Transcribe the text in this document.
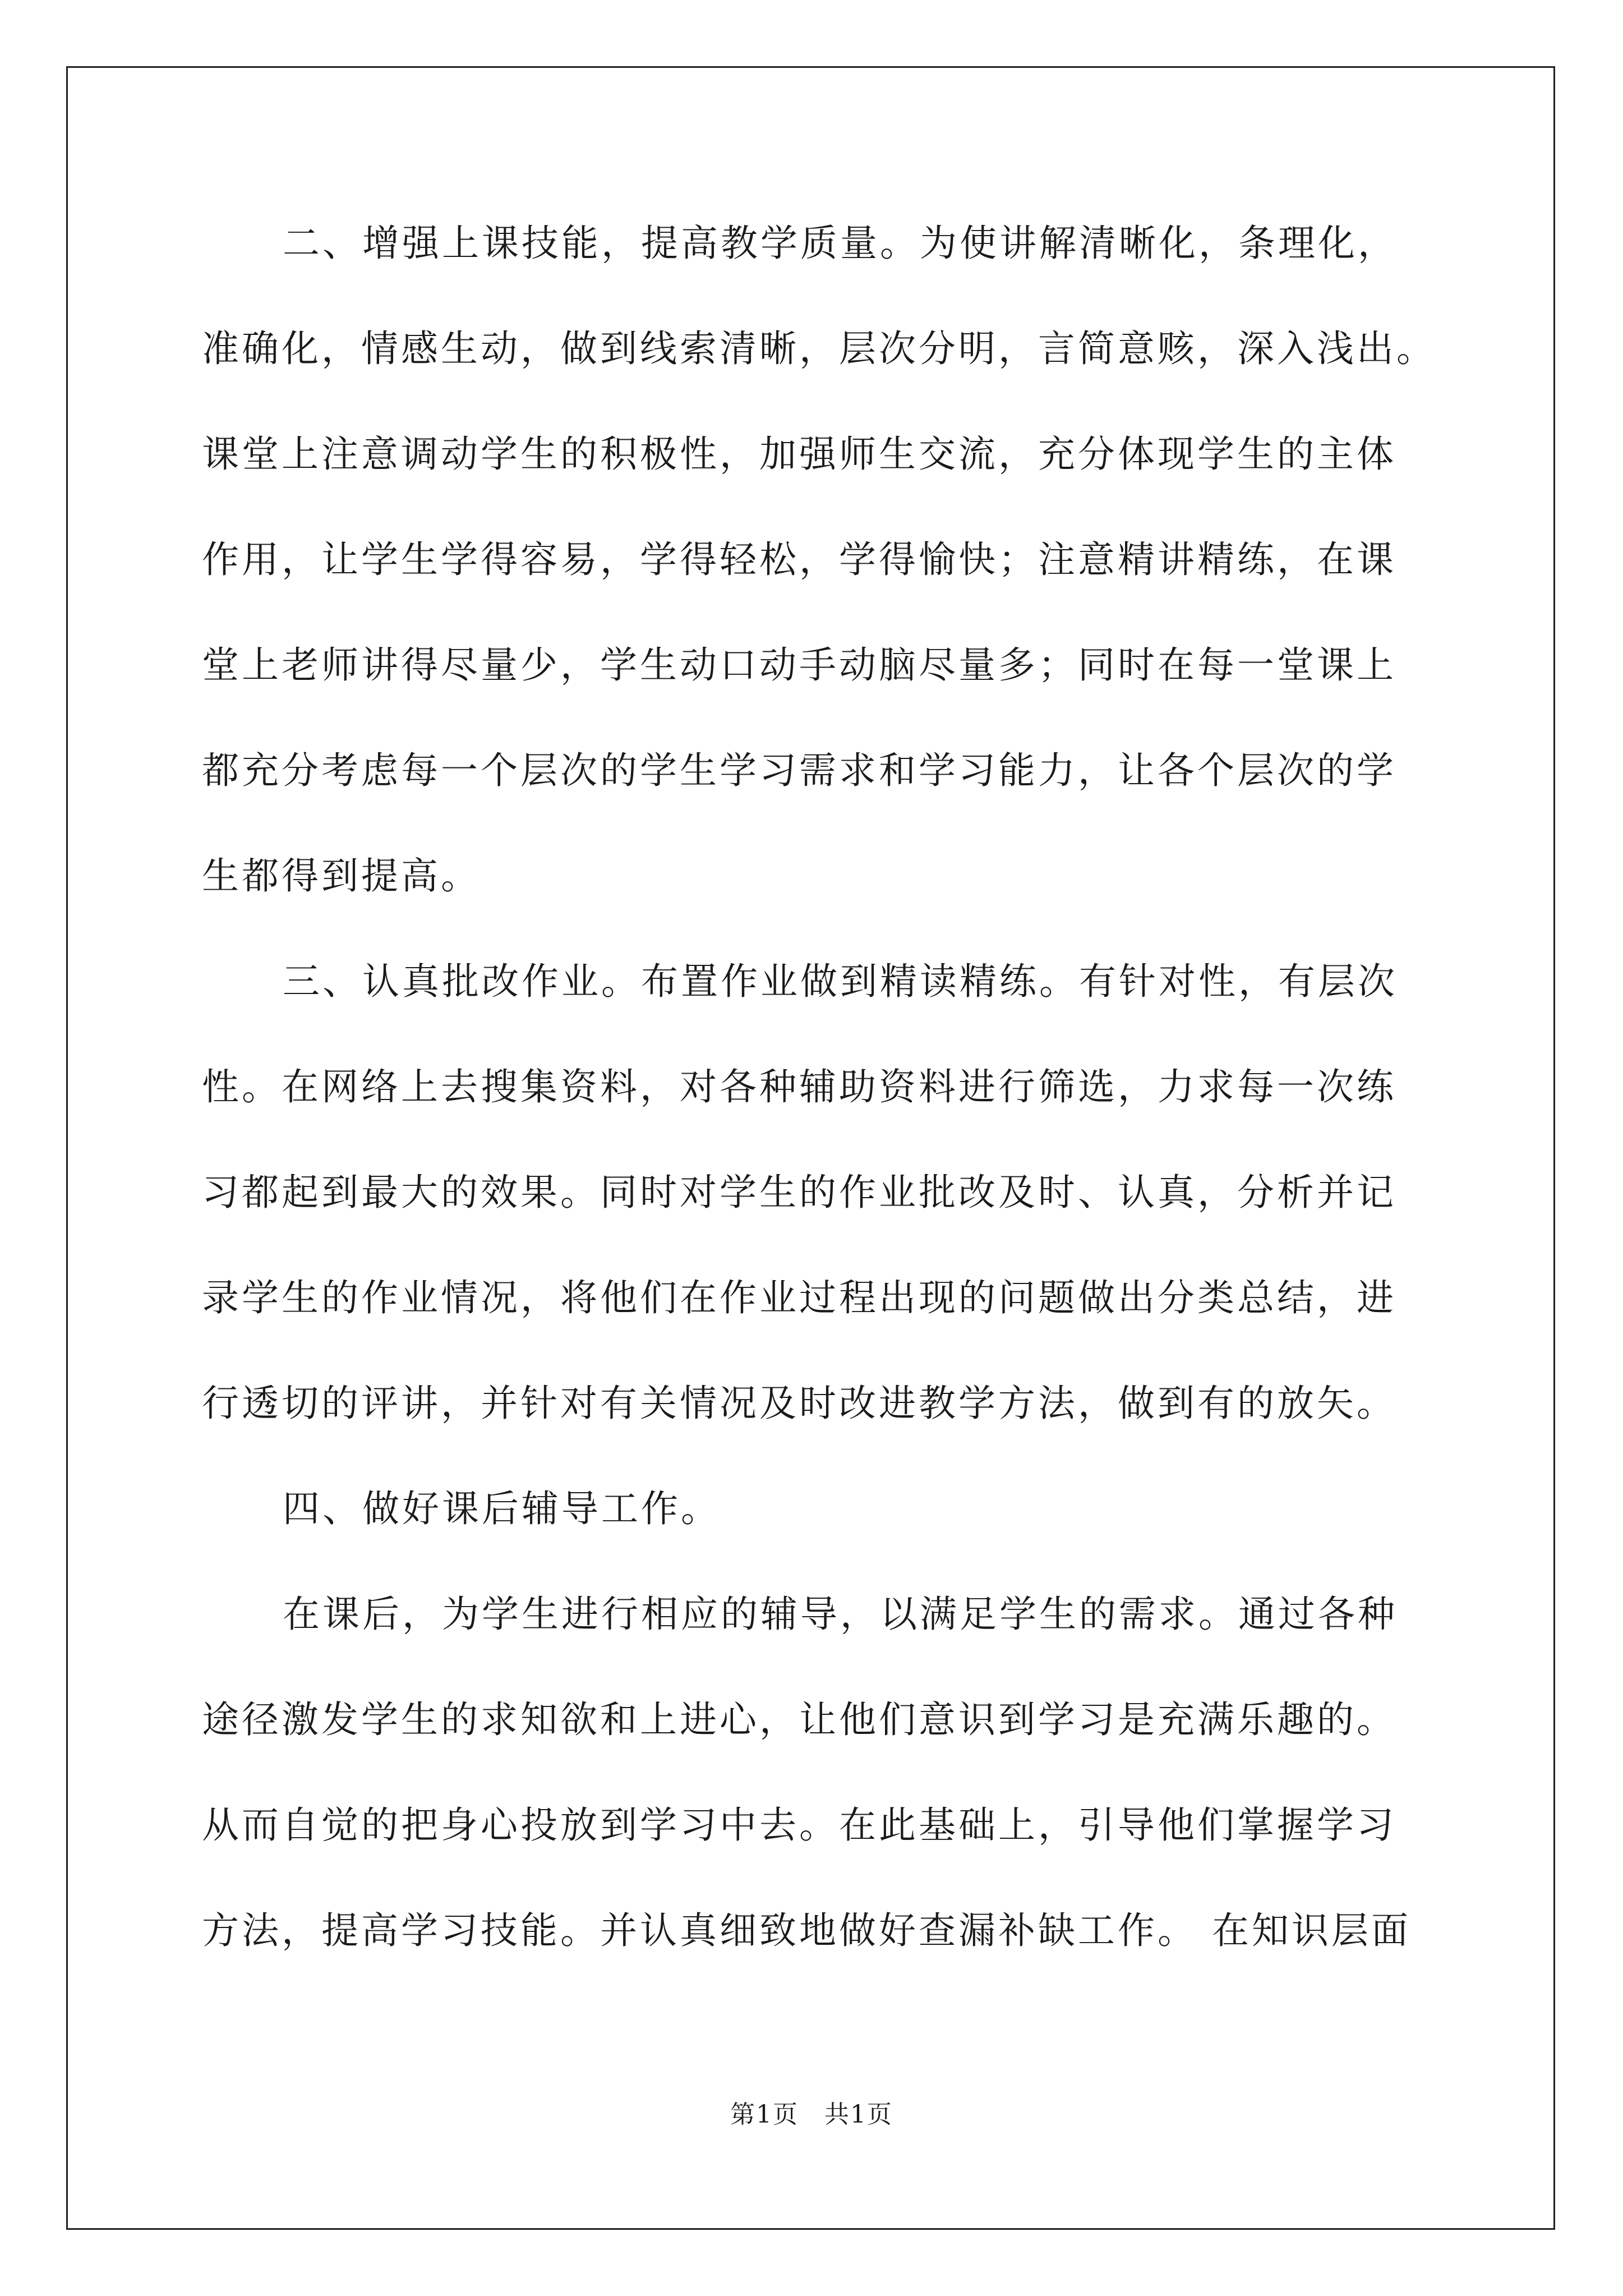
二、增强上课技能，提高教学质量。为使讲解清晰化，条理化，
准确化，情感生动，做到线索清晰，层次分明，言简意赅，深入浅出。
课堂上注意调动学生的积极性，加强师生交流，充分体现学生的主体
作用，让学生学得容易，学得轻松，学得愉快；注意精讲精练，在课
堂上老师讲得尽量少，学生动口动手动脑尽量多；同时在每一堂课上
都充分考虑每一个层次的学生学习需求和学习能力，让各个层次的学
生都得到提高。
三、认真批改作业。布置作业做到精读精练。有针对性，有层次
性。在网络上去搜集资料，对各种辅助资料进行筛选，力求每一次练
习都起到最大的效果。同时对学生的作业批改及时、认真，分析并记
录学生的作业情况，将他们在作业过程出现的问题做出分类总结，进
行透切的评讲，并针对有关情况及时改进教学方法，做到有的放矢。
四、做好课后辅导工作。
在课后，为学生进行相应的辅导，以满足学生的需求。通过各种
途径激发学生的求知欲和上进心，让他们意识到学习是充满乐趣的。
从而自觉的把身心投放到学习中去。在此基础上，引导他们掌握学习
方法，提高学习技能。并认真细致地做好查漏补缺工作。 在知识层面
第1页　共1页
